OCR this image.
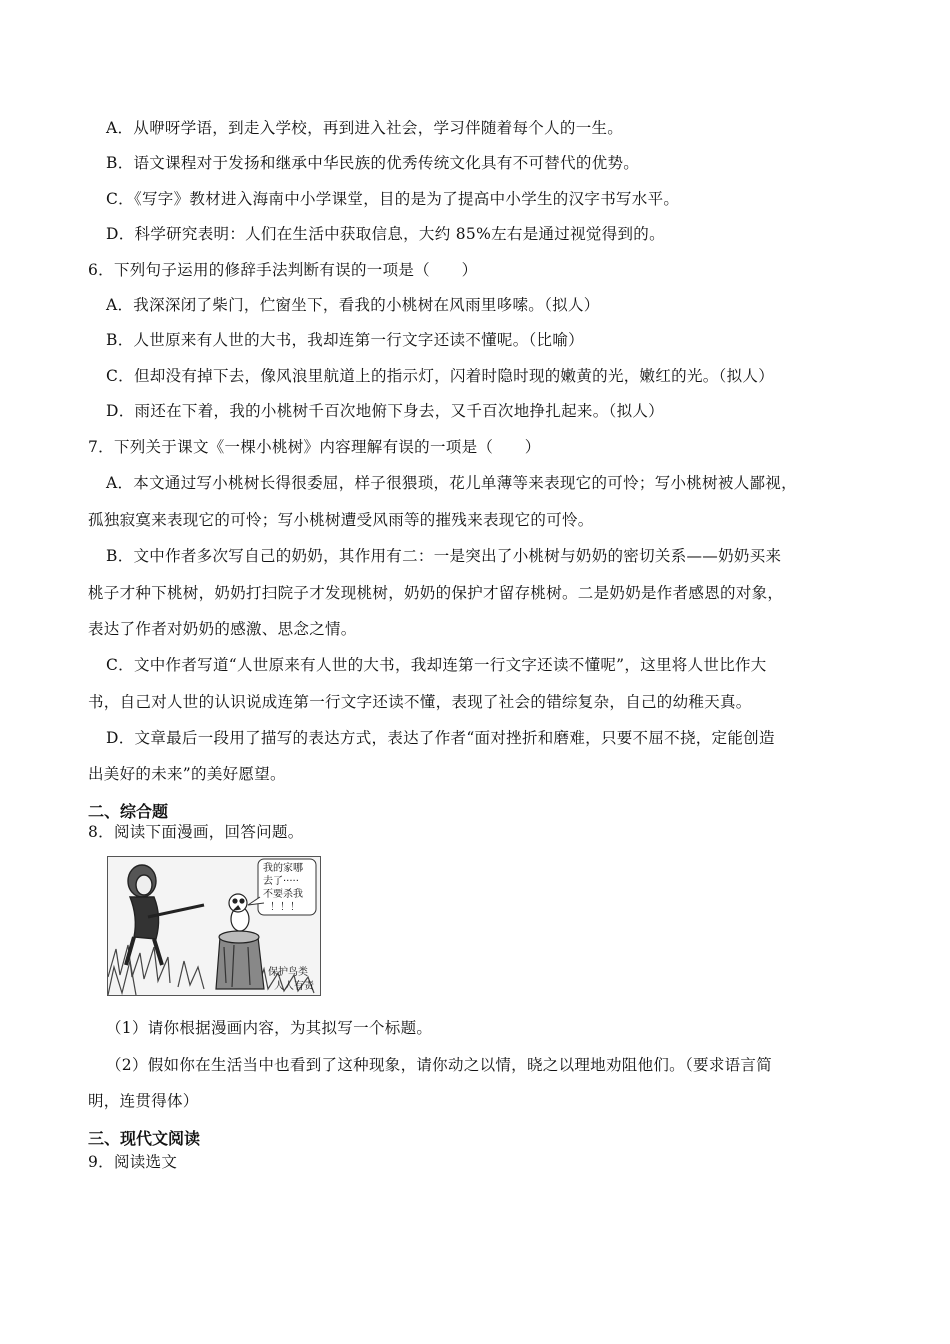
A．从咿呀学语，到走入学校，再到进入社会，学习伴随着每个人的一生。
B．语文课程对于发扬和继承中华民族的优秀传统文化具有不可替代的优势。
C．《写字》教材进入海南中小学课堂，目的是为了提高中小学生的汉字书写水平。
D．科学研究表明：人们在生活中获取信息，大约 85%左右是通过视觉得到的。
6．下列句子运用的修辞手法判断有误的一项是（　　）
A．我深深闭了柴门，伫窗坐下，看我的小桃树在风雨里哆嗦。（拟人）
B．人世原来有人世的大书，我却连第一行文字还读不懂呢。（比喻）
C．但却没有掉下去，像风浪里航道上的指示灯，闪着时隐时现的嫩黄的光，嫩红的光。（拟人）
D．雨还在下着，我的小桃树千百次地俯下身去，又千百次地挣扎起来。（拟人）
7．下列关于课文《一棵小桃树》内容理解有误的一项是（　　）
A．本文通过写小桃树长得很委屈，样子很猥琐，花儿单薄等来表现它的可怜；写小桃树被人鄙视，
孤独寂寞来表现它的可怜；写小桃树遭受风雨等的摧残来表现它的可怜。
B．文中作者多次写自己的奶奶，其作用有二：一是突出了小桃树与奶奶的密切关系——奶奶买来
桃子才种下桃树，奶奶打扫院子才发现桃树，奶奶的保护才留存桃树。二是奶奶是作者感恩的对象，
表达了作者对奶奶的感激、思念之情。
C．文中作者写道“人世原来有人世的大书，我却连第一行文字还读不懂呢”，这里将人世比作大
书，自己对人世的认识说成连第一行文字还读不懂，表现了社会的错综复杂，自己的幼稚天真。
D．文章最后一段用了描写的表达方式，表达了作者“面对挫折和磨难，只要不屈不挠，定能创造
出美好的未来”的美好愿望。
二、综合题
8．阅读下面漫画，回答问题。
我的家哪
去了·····
不要杀我
！！！
保护鸟类
人人有责
（1）请你根据漫画内容，为其拟写一个标题。
（2）假如你在生活当中也看到了这种现象，请你动之以情，晓之以理地劝阻他们。（要求语言简
明，连贯得体）
三、现代文阅读
9．阅读选文
